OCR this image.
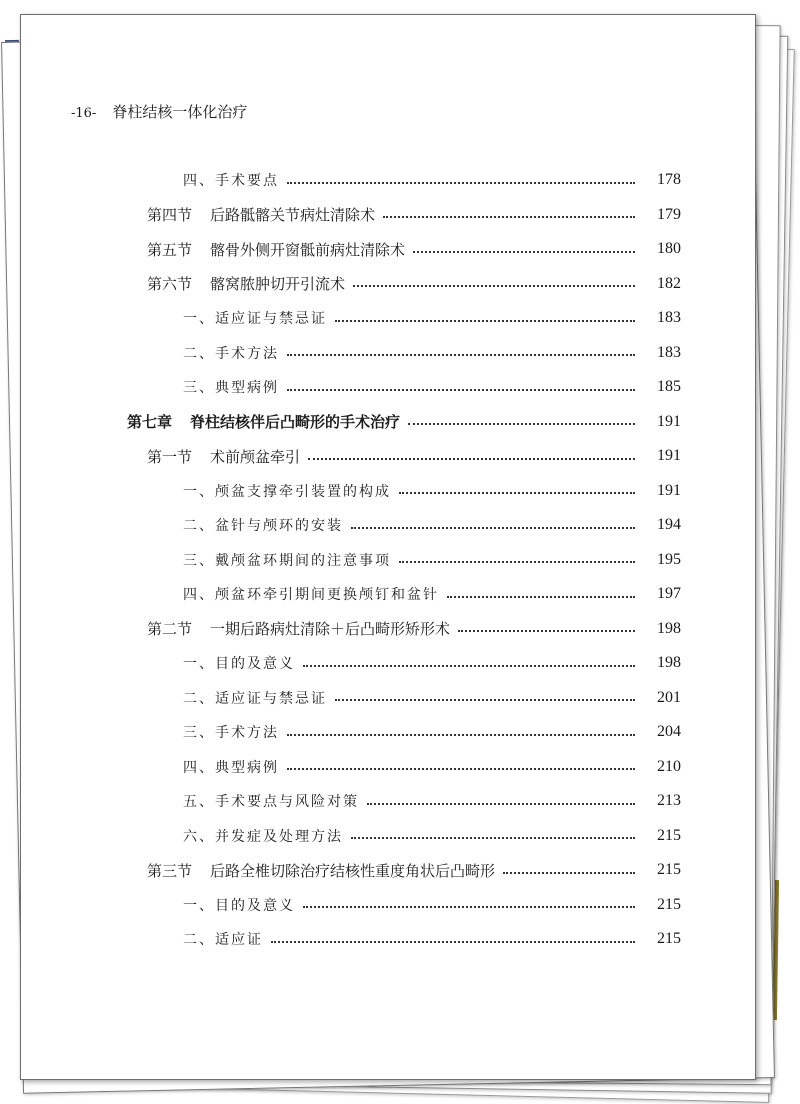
-16- 脊柱结核一体化治疗
四、手术要点	178
第四节 后路骶髂关节病灶清除术	179
第五节 髂骨外侧开窗骶前病灶清除术	180
第六节 髂窝脓肿切开引流术	182
一、适应证与禁忌证	183
二、手术方法	183
三、典型病例	185
第七章 脊柱结核伴后凸畸形的手术治疗	191
第一节 术前颅盆牵引	191
一、颅盆支撑牵引装置的构成	191
二、盆针与颅环的安装	194
三、戴颅盆环期间的注意事项	195
四、颅盆环牵引期间更换颅钉和盆针	197
第二节 一期后路病灶清除＋后凸畸形矫形术	198
一、目的及意义	198
二、适应证与禁忌证	201
三、手术方法	204
四、典型病例	210
五、手术要点与风险对策	213
六、并发症及处理方法	215
第三节 后路全椎切除治疗结核性重度角状后凸畸形	215
一、目的及意义	215
二、适应证	215
